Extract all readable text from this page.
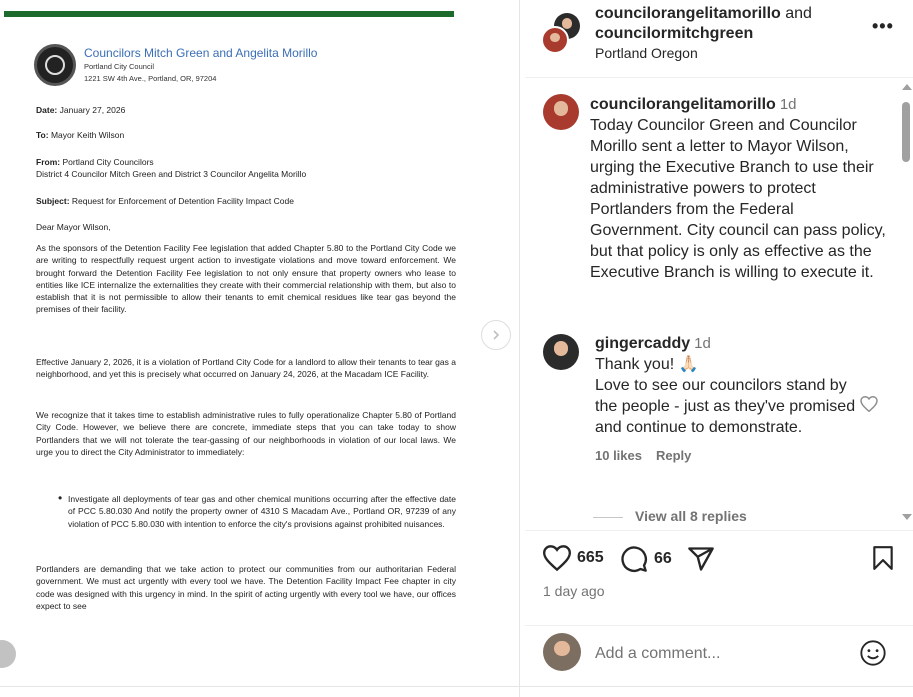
Councilors Mitch Green and Angelita Morillo
Portland City Council
1221 SW 4th Ave., Portland, OR, 97204
Date: January 27, 2026
To: Mayor Keith Wilson
From: Portland City Councilors
District 4 Councilor Mitch Green and District 3 Councilor Angelita Morillo
Subject: Request for Enforcement of Detention Facility Impact Code
Dear Mayor Wilson,
As the sponsors of the Detention Facility Fee legislation that added Chapter 5.80 to the Portland City Code we are writing to respectfully request urgent action to investigate violations and move toward enforcement. We brought forward the Detention Facility Fee legislation to not only ensure that property owners who lease to entities like ICE internalize the externalities they create with their commercial relationship with them, but also to establish that it is not permissible to allow their tenants to emit chemical residues like tear gas beyond the premises of their facility.
Effective January 2, 2026, it is a violation of Portland City Code for a landlord to allow their tenants to tear gas a neighborhood, and yet this is precisely what occurred on January 24, 2026, at the Macadam ICE Facility.
We recognize that it takes time to establish administrative rules to fully operationalize Chapter 5.80 of Portland City Code. However, we believe there are concrete, immediate steps that you can take today to show Portlanders that we will not tolerate the tear-gassing of our neighborhoods in violation of our local laws. We urge you to direct the City Administrator to immediately:
• Investigate all deployments of tear gas and other chemical munitions occurring after the effective date of PCC 5.80.030 And notify the property owner of 4310 S Macadam Ave., Portland OR, 97239 of any violation of PCC 5.80.030 with intention to enforce the city's provisions against prohibited nuisances.
Portlanders are demanding that we take action to protect our communities from our authoritarian Federal government. We must act urgently with every tool we have. The Detention Facility Impact Fee chapter in city code was designed with this urgency in mind. In the spirit of acting urgently with every tool we have, our offices expect to see
councilorangelitamorillo and
councilormitchgreen
Portland Oregon
•••
councilorangelitamorillo 1d
Today Councilor Green and Councilor Morillo sent a letter to Mayor Wilson, urging the Executive Branch to use their administrative powers to protect Portlanders from the Federal Government. City council can pass policy, but that policy is only as effective as the Executive Branch is willing to execute it.
gingercaddy 1d
Thank you! 🙏🏻
Love to see our councilors stand by the people - just as they've promised and continue to demonstrate.
10 likes Reply
View all 8 replies
665	66
1 day ago
Add a comment...
